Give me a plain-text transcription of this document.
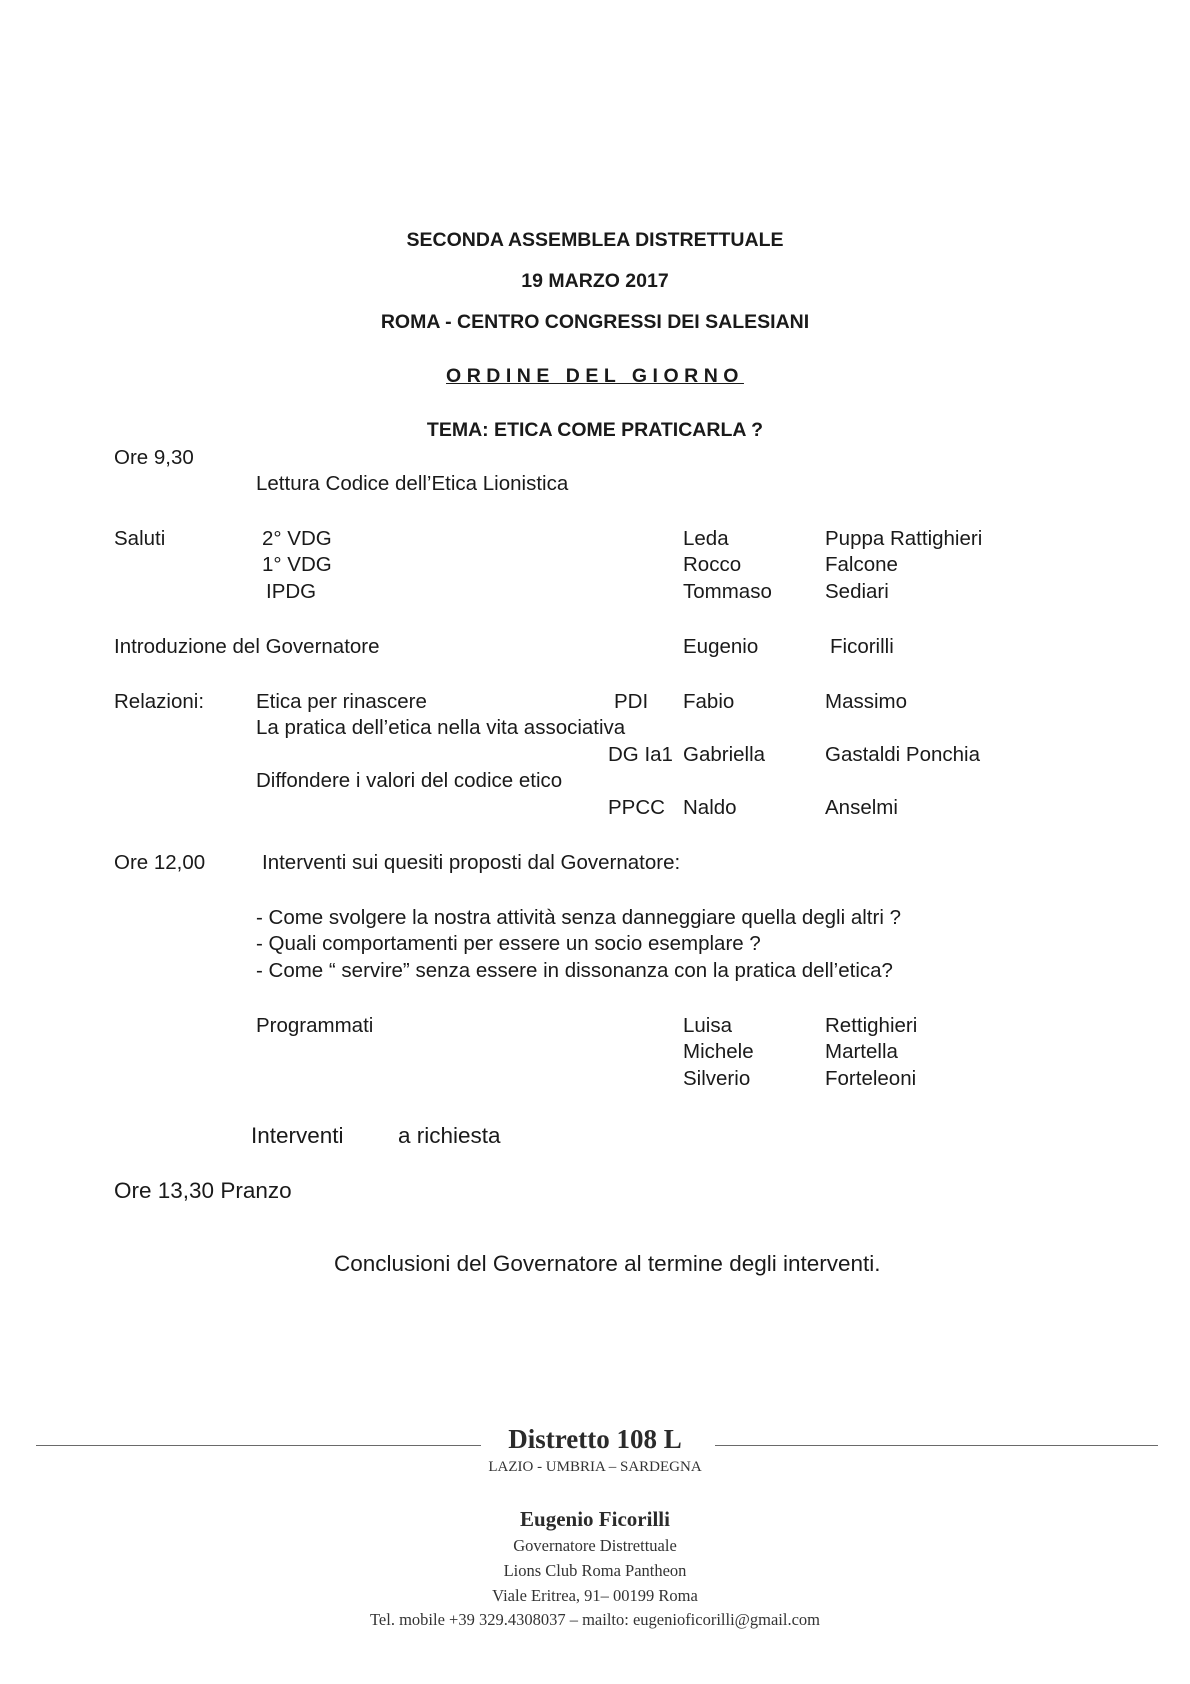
SECONDA ASSEMBLEA DISTRETTUALE
19 MARZO 2017
ROMA - CENTRO CONGRESSI DEI SALESIANI
ORDINE DEL GIORNO
TEMA: ETICA COME PRATICARLA ?
Ore 9,30
Lettura Codice dell’Etica Lionistica
Saluti	2° VDG	Leda	Puppa Rattighieri
1° VDG	Rocco	Falcone
IPDG	Tommaso	Sediari
Introduzione del Governatore	Eugenio	Ficorilli
Relazioni:	Etica per rinascere	PDI Fabio	Massimo
La pratica dell’etica nella vita associativa
DG Ia1 Gabriella	Gastaldi Ponchia
Diffondere i valori del codice etico
PPCC Naldo	Anselmi
Ore 12,00	Interventi sui quesiti proposti dal Governatore:
- Come svolgere la nostra attività senza danneggiare quella degli altri ?
- Quali comportamenti per essere un socio esemplare ?
- Come “ servire” senza essere in dissonanza con la pratica dell’etica?
Programmati	Luisa	Rettighieri
Michele	Martella
Silverio	Forteleoni
Interventi a richiesta
Ore 13,30 Pranzo
Conclusioni del Governatore al termine degli interventi.
Distretto 108 L
LAZIO - UMBRIA – SARDEGNA
Eugenio Ficorilli
Governatore Distrettuale
Lions Club Roma Pantheon
Viale Eritrea, 91– 00199 Roma
Tel. mobile +39 329.4308037 – mailto: eugenioficorilli@gmail.com
